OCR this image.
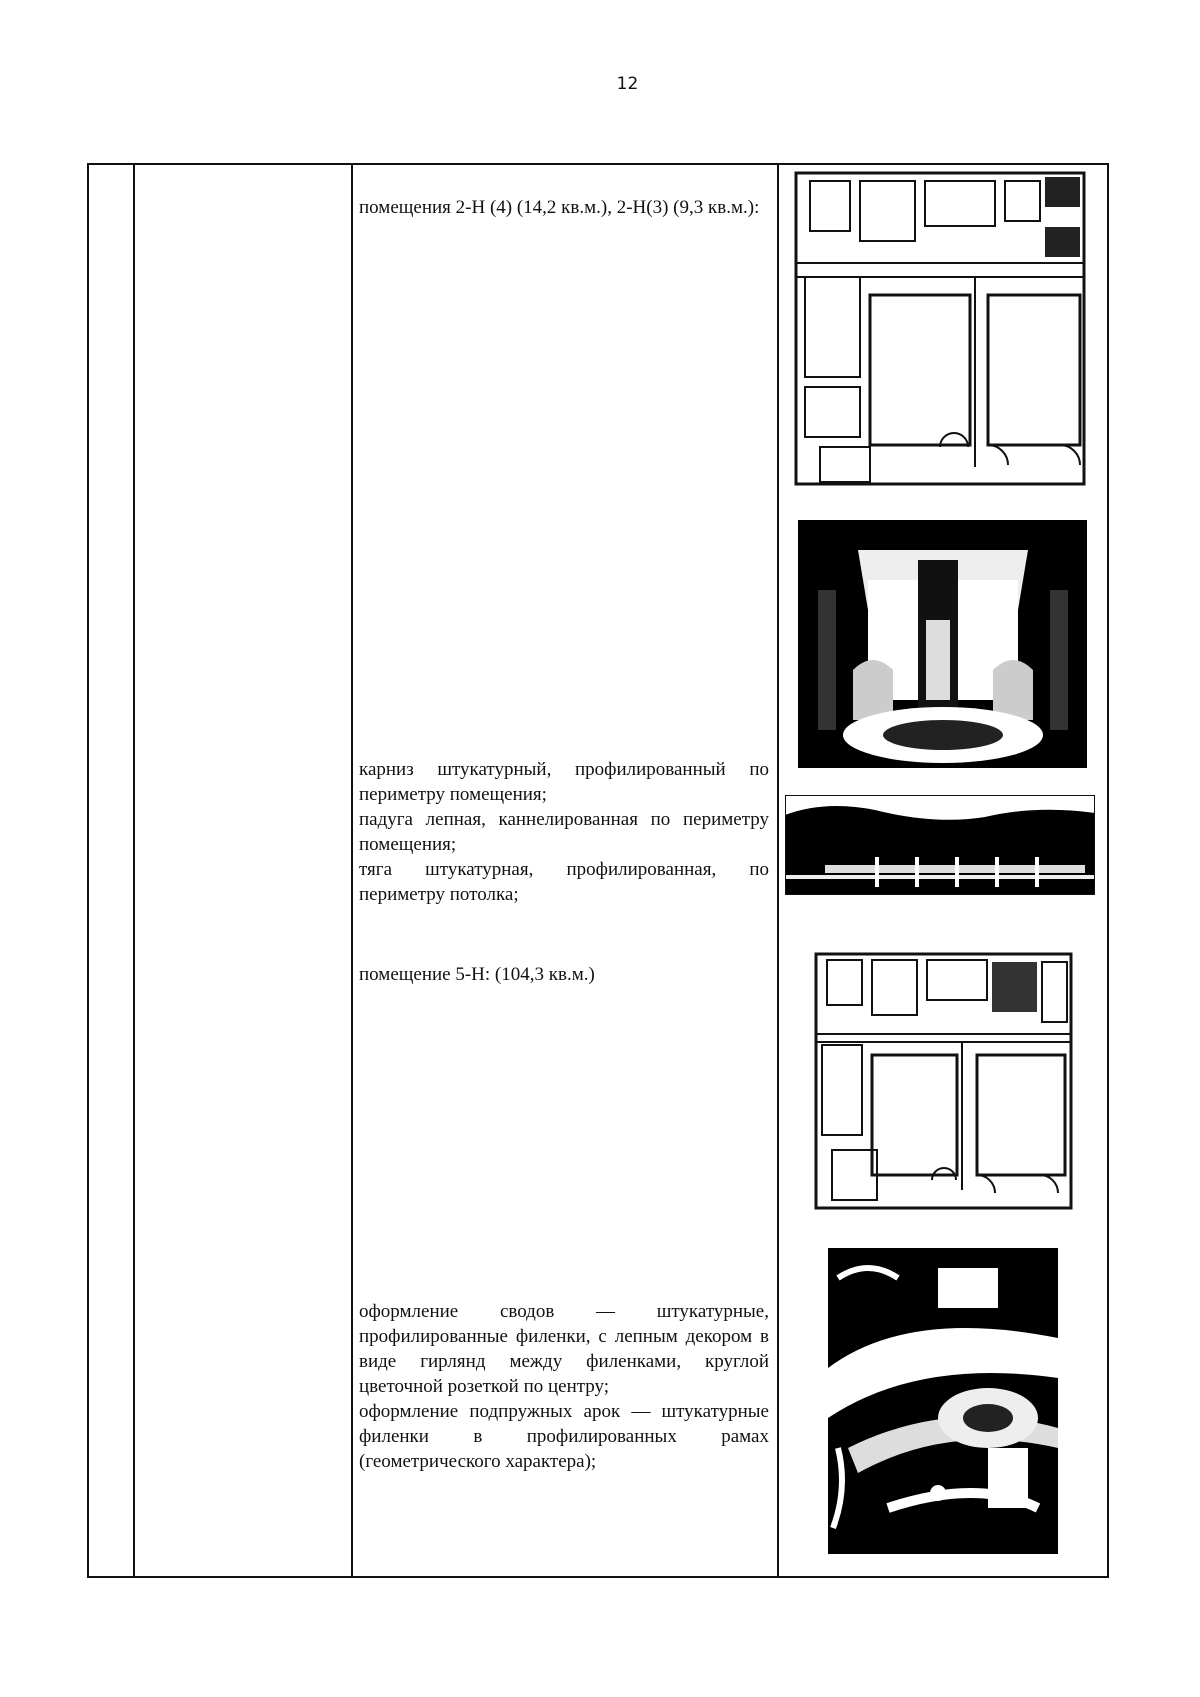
12

помещения 2-Н (4) (14,2 кв.м.), 2-Н(3) (9,3 кв.м.):

карниз штукатурный, профилированный по периметру помещения;

падуга лепная, каннелированная по периметру помещения;

тяга штукатурная, профилированная, по периметру потолка;

помещение 5-Н: (104,3 кв.м.)

оформление сводов — штукатурные, профилированные филенки, с лепным декором в виде гирлянд между филенками, круглой цветочной розеткой по центру;

оформление подпружных арок — штукатурные филенки в профилированных рамах (геометрического характера);
